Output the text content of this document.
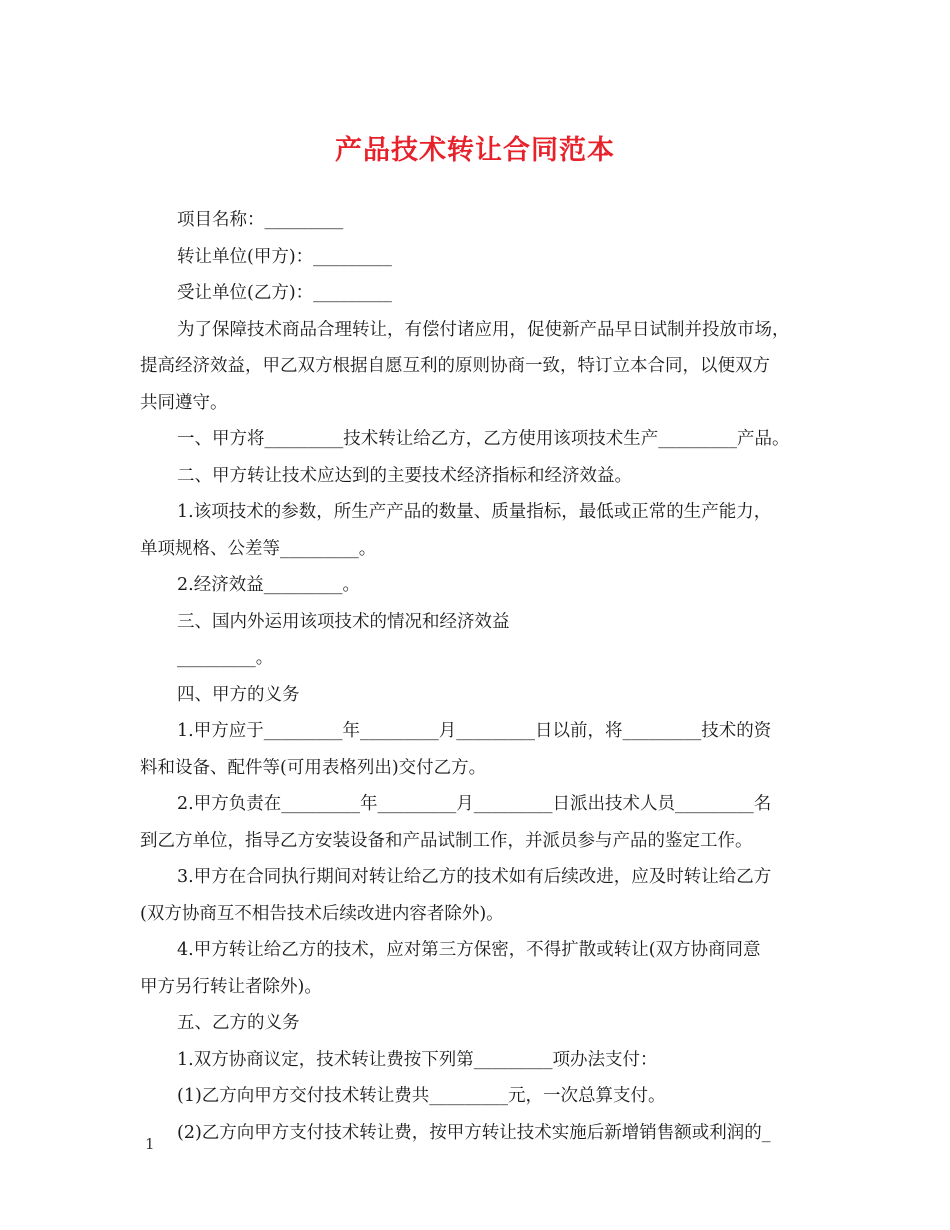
产品技术转让合同范本
项目名称：_________
转让单位(甲方)：_________
受让单位(乙方)：_________
为了保障技术商品合理转让，有偿付诸应用，促使新产品早日试制并投放市场，
提高经济效益，甲乙双方根据自愿互利的原则协商一致，特订立本合同，以便双方
共同遵守。
一、甲方将_________技术转让给乙方，乙方使用该项技术生产_________产品。
二、甲方转让技术应达到的主要技术经济指标和经济效益。
1.该项技术的参数，所生产产品的数量、质量指标，最低或正常的生产能力，
单项规格、公差等_________。
2.经济效益_________。
三、国内外运用该项技术的情况和经济效益
_________。
四、甲方的义务
1.甲方应于_________年_________月_________日以前，将_________技术的资
料和设备、配件等(可用表格列出)交付乙方。
2.甲方负责在_________年_________月_________日派出技术人员_________名
到乙方单位，指导乙方安装设备和产品试制工作，并派员参与产品的鉴定工作。
3.甲方在合同执行期间对转让给乙方的技术如有后续改进，应及时转让给乙方
(双方协商互不相告技术后续改进内容者除外)。
4.甲方转让给乙方的技术，应对第三方保密，不得扩散或转让(双方协商同意
甲方另行转让者除外)。
五、乙方的义务
1.双方协商议定，技术转让费按下列第_________项办法支付：
(1)乙方向甲方交付技术转让费共_________元，一次总算支付。
(2)乙方向甲方支付技术转让费，按甲方转让技术实施后新增销售额或利润的_
1
